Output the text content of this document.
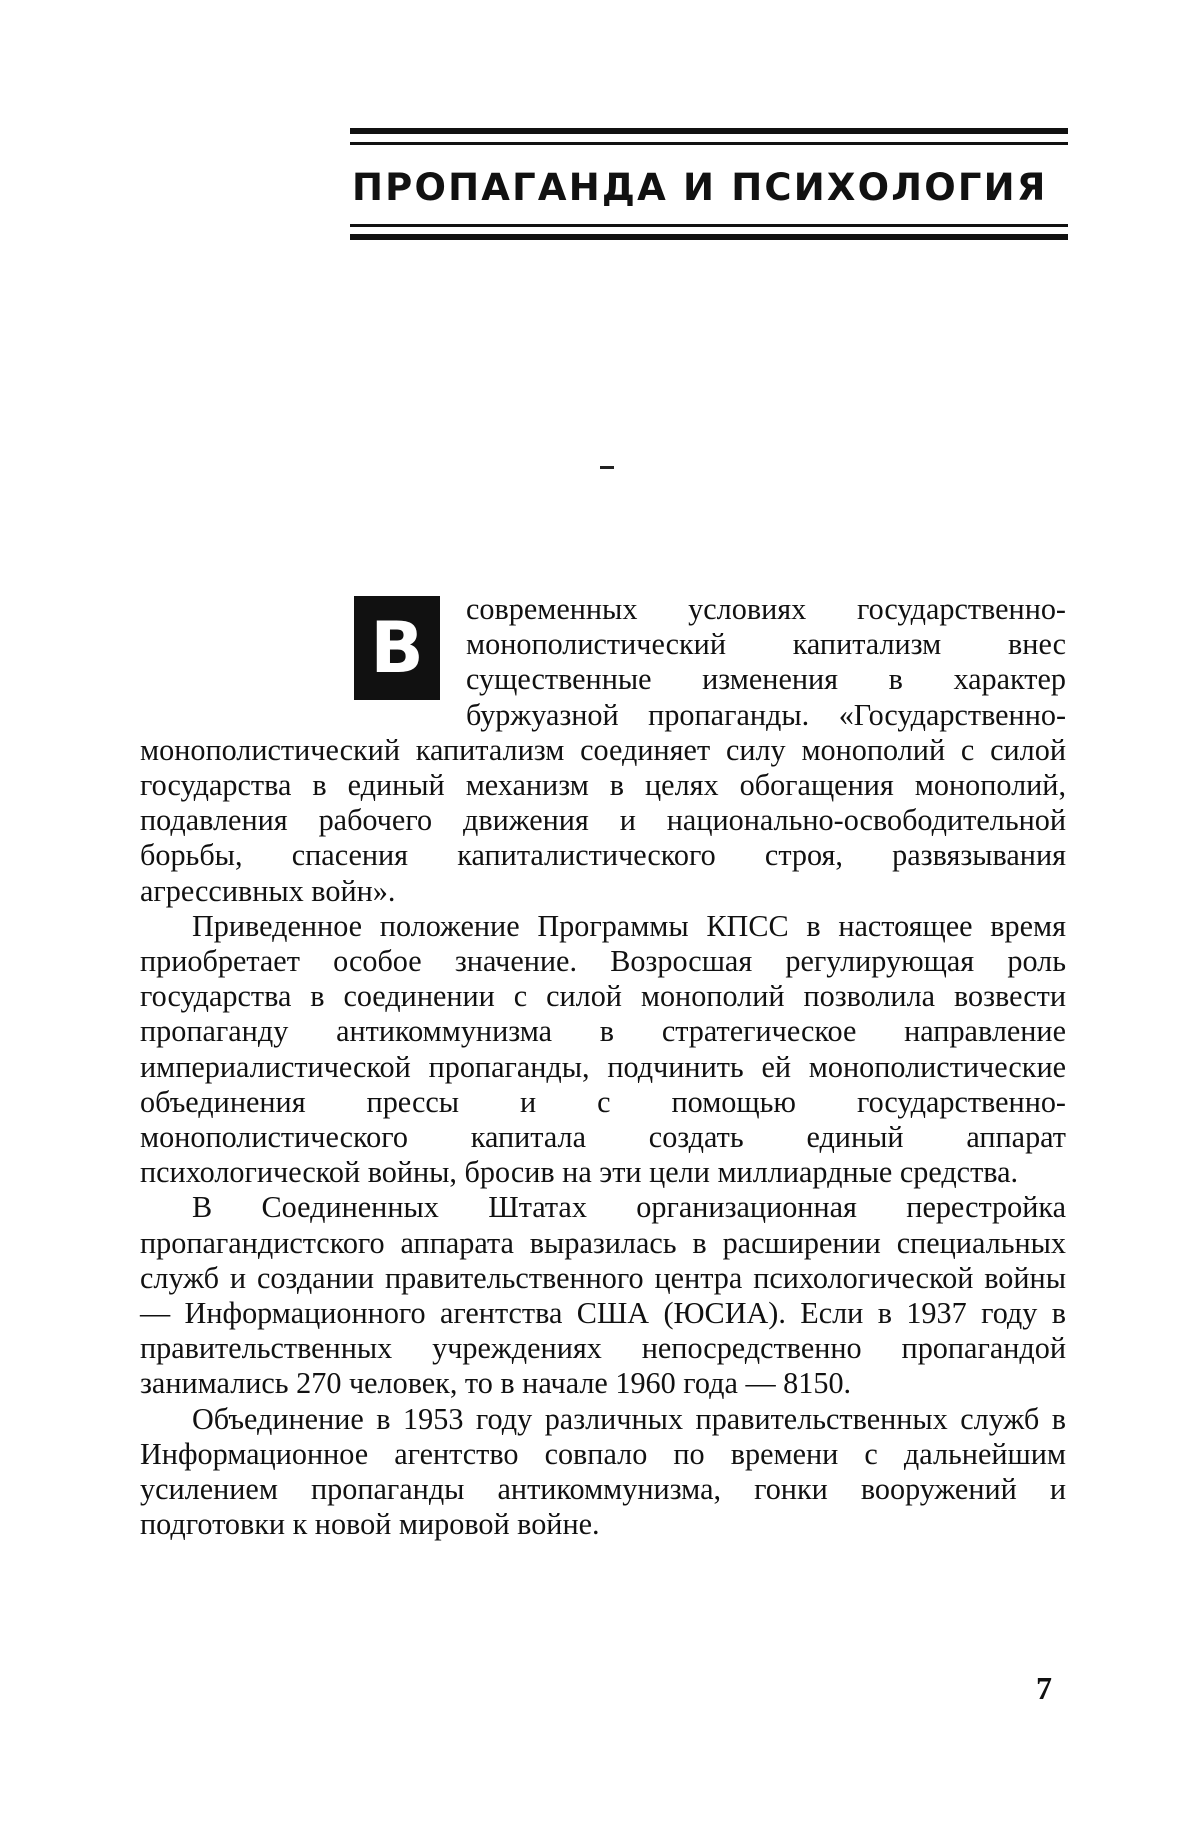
ПРОПАГАНДА И ПСИХОЛОГИЯ

В	современных условиях государственно-монополистический капитализм внес существенные изменения в характер буржуазной пропаганды. «Государственно-монополистический капитализм соединяет силу монополий с силой государства в единый механизм в целях обогащения монополий, подавления рабочего движения и национально-освободительной борьбы, спасения капиталистического строя, развязывания агрессивных войн».

Приведенное положение Программы КПСС в настоящее время приобретает особое значение. Возросшая регулирующая роль государства в соединении с силой монополий позволила возвести пропаганду антикоммунизма в стратегическое направление империалистической пропаганды, подчинить ей монополистические объединения прессы и с помощью государственно-монополистического капитала создать единый аппарат психологической войны, бросив на эти цели миллиардные средства.

В Соединенных Штатах организационная перестройка пропагандистского аппарата выразилась в расширении специальных служб и создании правительственного центра психологической войны — Информационного агентства США (ЮСИА). Если в 1937 году в правительственных учреждениях непосредственно пропагандой занимались 270 человек, то в начале 1960 года — 8150.

Объединение в 1953 году различных правительственных служб в Информационное агентство совпало по времени с дальнейшим усилением пропаганды антикоммунизма, гонки вооружений и подготовки к новой мировой войне.

7
